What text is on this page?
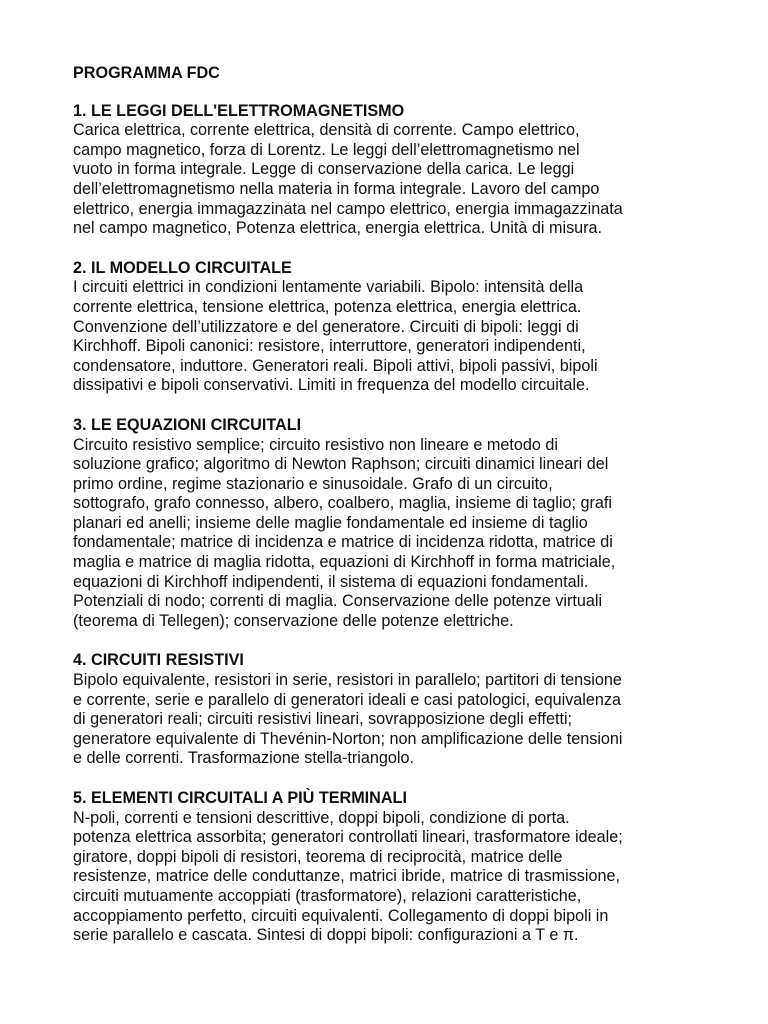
PROGRAMMA FDC

1. LE LEGGI DELL'ELETTROMAGNETISMO

Carica elettrica, corrente elettrica, densità di corrente. Campo elettrico,
campo magnetico, forza di Lorentz. Le leggi dell’elettromagnetismo nel
vuoto in forma integrale. Legge di conservazione della carica. Le leggi
dell’elettromagnetismo nella materia in forma integrale. Lavoro del campo
elettrico, energia immagazzinata nel campo elettrico, energia immagazzinata
nel campo magnetico, Potenza elettrica, energia elettrica. Unità di misura.

2. IL MODELLO CIRCUITALE

I circuiti elettrici in condizioni lentamente variabili. Bipolo: intensità della
corrente elettrica, tensione elettrica, potenza elettrica, energia elettrica.
Convenzione dell’utilizzatore e del generatore. Circuiti di bipoli: leggi di
Kirchhoff. Bipoli canonici: resistore, interruttore, generatori indipendenti,
condensatore, induttore. Generatori reali. Bipoli attivi, bipoli passivi, bipoli
dissipativi e bipoli conservativi. Limiti in frequenza del modello circuitale.

3. LE EQUAZIONI CIRCUITALI

Circuito resistivo semplice; circuito resistivo non lineare e metodo di
soluzione grafico; algoritmo di Newton Raphson; circuiti dinamici lineari del
primo ordine, regime stazionario e sinusoidale. Grafo di un circuito,
sottografo, grafo connesso, albero, coalbero, maglia, insieme di taglio; grafi
planari ed anelli; insieme delle maglie fondamentale ed insieme di taglio
fondamentale; matrice di incidenza e matrice di incidenza ridotta, matrice di
maglia e matrice di maglia ridotta, equazioni di Kirchhoff in forma matriciale,
equazioni di Kirchhoff indipendenti, il sistema di equazioni fondamentali.
Potenziali di nodo; correnti di maglia. Conservazione delle potenze virtuali
(teorema di Tellegen); conservazione delle potenze elettriche.

4. CIRCUITI RESISTIVI

Bipolo equivalente, resistori in serie, resistori in parallelo; partitori di tensione
e corrente, serie e parallelo di generatori ideali e casi patologici, equivalenza
di generatori reali; circuiti resistivi lineari, sovrapposizione degli effetti;
generatore equivalente di Thevénin-Norton; non amplificazione delle tensioni
e delle correnti. Trasformazione stella-triangolo.

5. ELEMENTI CIRCUITALI A PIÙ TERMINALI

N-poli, correnti e tensioni descrittive, doppi bipoli, condizione di porta.
potenza elettrica assorbita; generatori controllati lineari, trasformatore ideale;
giratore, doppi bipoli di resistori, teorema di reciprocità, matrice delle
resistenze, matrice delle conduttanze, matrici ibride, matrice di trasmissione,
circuiti mutuamente accoppiati (trasformatore), relazioni caratteristiche,
accoppiamento perfetto, circuiti equivalenti. Collegamento di doppi bipoli in
serie parallelo e cascata. Sintesi di doppi bipoli: configurazioni a T e π.
